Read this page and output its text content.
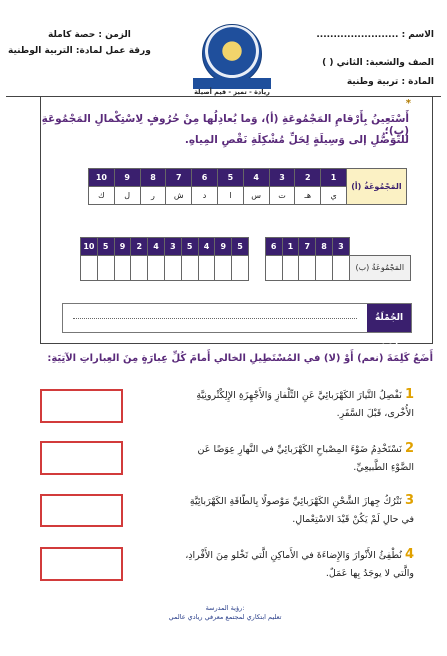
الزمن : حصة كاملة
ورقة عمل لمادة: التربية الوطنية
الاسم : ........................
الصف والشعبة: الثاني ( )
المادة : تربية وطنية
ريادة - تميز - قيم أصيلة
*
أَسْتَعِينُ بِأَرْقامِ المَجْمُوعَةِ (أ)، وَما يُعادِلُها مِنْ حُرُوفٍ لِاسْتِكْمالِ المَجْمُوعَةِ (ب)؛
للتَّوَصُّلِ إلى وَسِيلَةٍ لِحَلِّ مُشْكِلَةِ نَقْصِ المِياهِ.
10	9	8	7	6	5	4	3	2	1	المَجْمُوعَةُ (أ)
ك	ل	ر	ش	د	ا	س	ت	هـ	ي	
10	5	9	2	4	3	5	4	9	5		6	1	7	8	3	
																المَجْمُوعَةُ (ب)
الجُمْلَةُ هِيَ:
أَضَعُ كَلِمَةَ (نعم) أَوْ (لا) في المُسْتَطِيلِ الخالي أَمامَ كُلِّ عِبارَةٍ مِنَ العِباراتِ الآتِيَةِ:
1 نَفْصِلُ التَّيارَ الكَهْرَبائِيَّ عَنِ التِّلْفازِ وَالأَجْهِزَةِ الإِلِكْتْرونِيَّةِ
الأُخْرى، قَبْلَ السَّفَرِ.
2 نَسْتَخْدِمُ ضَوْءَ المِصْباحِ الكَهْرَبائِيِّ في النَّهارِ عِوَضًا عَن
الضَّوْءِ الطَّبيعِيِّ.
3 نَتْرُكُ جِهازَ الشَّحْنِ الكَهْرَبائِيِّ مَوْصولًا بِالطّاقَةِ الكَهْرَبائِيَّةِ
في حالِ لَمْ يَكُنْ قَيْدَ الاسْتِعْمالِ.
4 نُطْفِئُ الأَنْوارَ وَالإِضاءَةَ في الأَماكِنِ الَّتي تَخْلو مِنَ الأَفْرادِ،
والَّتي لا يوجَدُ بِها عَمَلٌ.
رؤية المدرسة:
تعليم ابتكاري لمجتمع معرفي ريادي عالمي
